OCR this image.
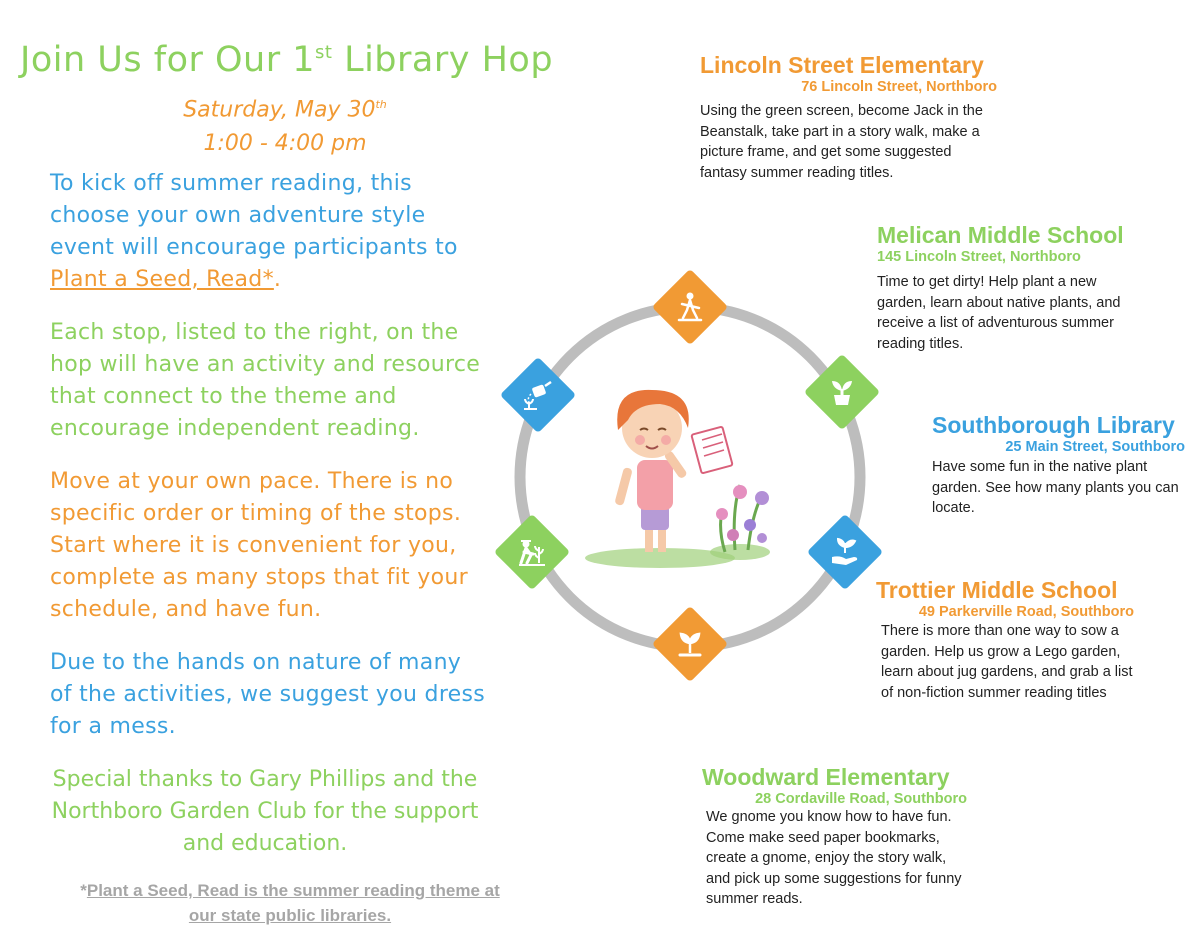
Join Us for Our 1st Library Hop
Saturday, May 30th
1:00 - 4:00 pm
To kick off summer reading, this choose your own adventure style event will encourage participants to Plant a Seed, Read*.
Each stop, listed to the right, on the hop will have an activity and resource that connect to the theme and encourage independent reading.
Move at your own pace. There is no specific order or timing of the stops. Start where it is convenient for you, complete as many stops that fit your schedule, and have fun.
Due to the hands on nature of many of the activities, we suggest you dress for a mess.
Special thanks to Gary Phillips and the Northboro Garden Club for the support and education.
*Plant a Seed, Read is the summer reading theme at our state public libraries.
Lincoln Street Elementary
76 Lincoln Street, Northboro
Using the green screen, become Jack in the Beanstalk, take part in a story walk, make a picture frame, and get some suggested fantasy summer reading titles.
Melican Middle School
145 Lincoln Street, Northboro
Time to get dirty! Help plant a new garden, learn about native plants, and receive a list of adventurous summer reading titles.
Southborough Library
25 Main Street, Southboro
Have some fun in the native plant garden. See how many plants you can locate.
Trottier Middle School
49 Parkerville Road, Southboro
There is more than one way to sow a garden. Help us grow a Lego garden, learn about jug gardens, and grab a list of non-fiction summer reading titles
Woodward Elementary
28 Cordaville Road, Southboro
We gnome you know how to have fun. Come make seed paper bookmarks, create a gnome, enjoy the story walk, and pick up some suggestions for funny summer reads.
